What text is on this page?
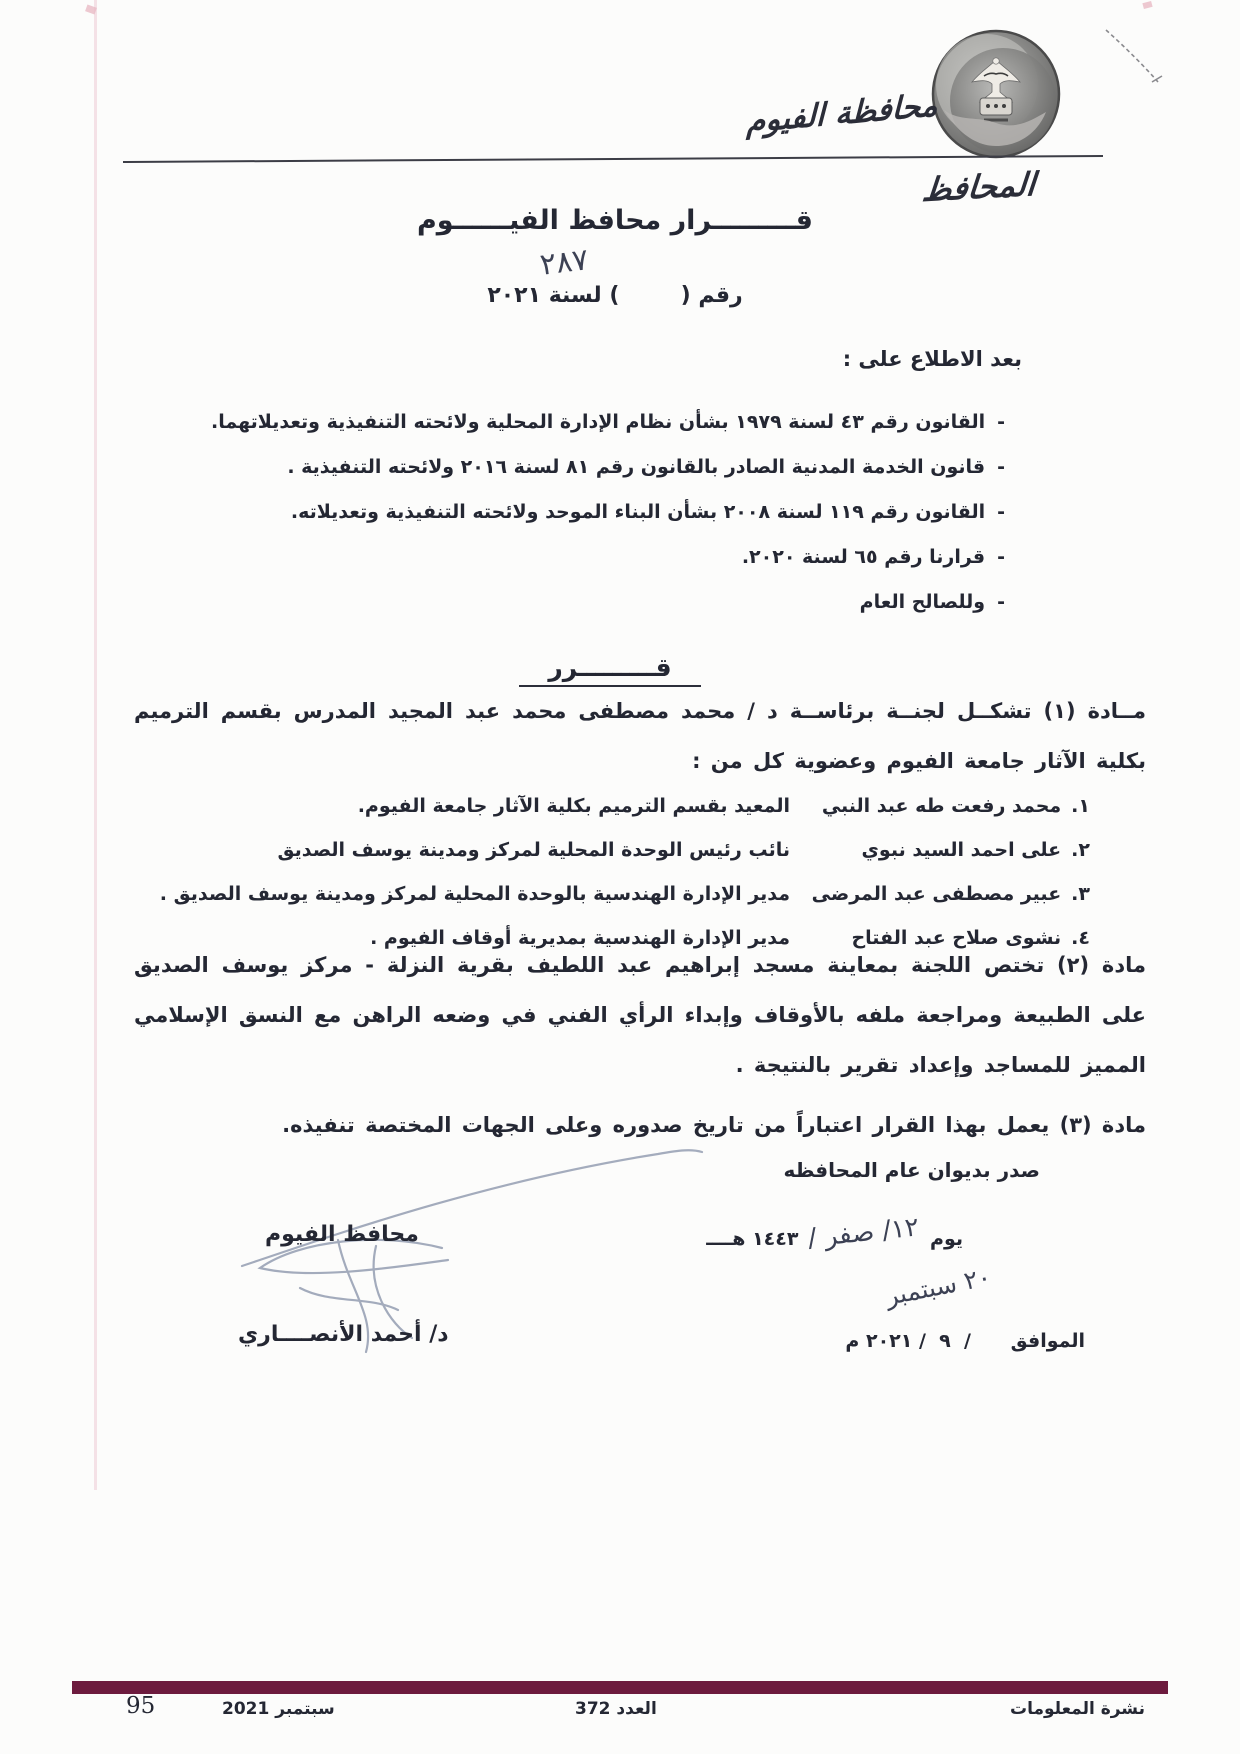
محافظة الفيوم
المحافظ
قـــــــــرار محافظ الفيــــــوم
٢٨٧
رقم (        ) لسنة ٢٠٢١
بعد الاطلاع على :
-
القانون رقم ٤٣ لسنة ١٩٧٩ بشأن نظام الإدارة المحلية ولائحته التنفيذية وتعديلاتهما.
-
قانون الخدمة المدنية الصادر بالقانون رقم ٨١ لسنة ٢٠١٦ ولائحته التنفيذية .
-
القانون رقم ١١٩ لسنة ٢٠٠٨ بشأن البناء الموحد ولائحته التنفيذية وتعديلاته.
-
قرارنا رقم ٦٥ لسنة ٢٠٢٠.
-
وللصالح العام
قـــــــــرر
مــادة (١) تشكــل لجنــة برئاســة د / محمد مصطفى محمد عبد المجيد المدرس بقسم الترميم بكلية الآثار جامعة الفيوم وعضوية كل من :
١.محمد رفعت طه عبد النبي
المعيد بقسم الترميم بكلية الآثار جامعة الفيوم.
٢.على احمد السيد نبوي
نائب رئيس الوحدة المحلية لمركز ومدينة يوسف الصديق
٣.عبير مصطفى عبد المرضى
مدير الإدارة الهندسية بالوحدة المحلية لمركز ومدينة يوسف الصديق .
٤.نشوى صلاح عبد الفتاح
مدير الإدارة الهندسية بمديرية أوقاف الفيوم .
مادة (٢) تختص اللجنة بمعاينة مسجد إبراهيم عبد اللطيف بقرية النزلة - مركز يوسف الصديق على الطبيعة ومراجعة ملفه بالأوقاف وإبداء الرأي الفني في وضعه الراهن مع النسق الإسلامي المميز للمساجد وإعداد تقرير بالنتيجة .
مادة (٣) يعمل بهذا القرار اعتباراً من تاريخ صدوره وعلى الجهات المختصة تنفيذه.
صدر بديوان عام المحافظه
يوم
١٢/ صفر /
١٤٤٣ هــــ
٢٠ سبتمبر
الموافق      /  ٩  / ٢٠٢١ م
محافظ الفيوم
د/ أحمد الأنصــــاري
نشرة المعلومات
العدد 372
سبتمبر 2021
95
